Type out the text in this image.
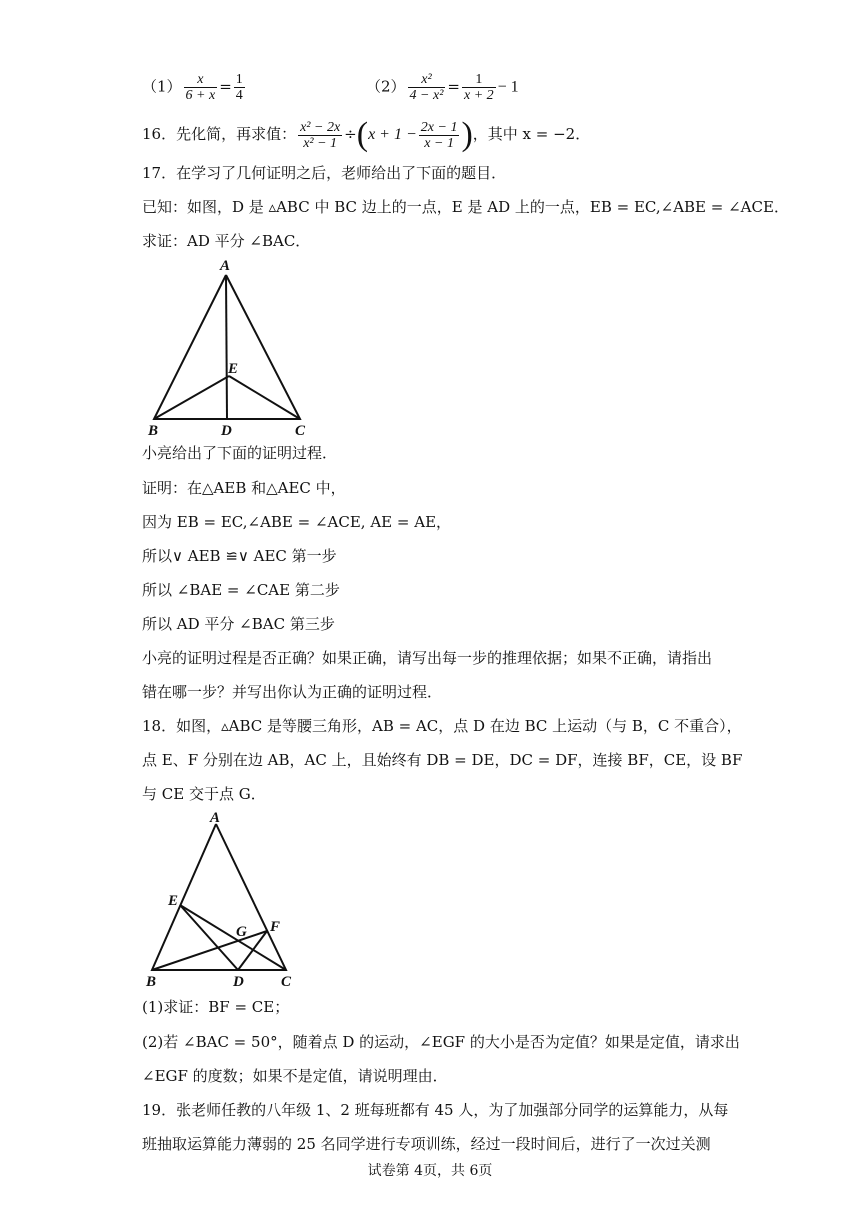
$(1) \frac{x}{6 + x} = \frac{1}{4}$	$(2) \frac{\text{x²}}{\text{4 − x²}} = \frac{1}{x + 2} - 1$
16．先化简，再求值： $\frac{\text{x² − 2x}}{\text{x² − 1}} \div(x + 1 - \frac{2x - 1}{x - 1}$ )，其中 x = −2．
17．在学习了几何证明之后，老师给出了下面的题目．
已知：如图，D 是 ▵ABC 中 BC 边上的一点，E 是 AD 上的一点，EB = EC,∠ABE = ∠ACE．
求证：AD 平分 ∠BAC．
A
B	C
D
E
小亮给出了下面的证明过程．
证明：在△AEB 和△AEC 中，
因为 EB = EC,∠ABE = ∠ACE, AE = AE，
所以∨ AEB ≌∨ AEC 第一步
所以 ∠BAE = ∠CAE 第二步
所以 AD 平分 ∠BAC 第三步
小亮的证明过程是否正确？如果正确，请写出每一步的推理依据；如果不正确，请指出
错在哪一步？并写出你认为正确的证明过程．
18．如图，▵ABC 是等腰三角形，AB = AC，点 D 在边 BC 上运动（与 B，C 不重合），
点 E、F 分别在边 AB，AC 上，且始终有 DB = DE，DC = DF，连接 BF，CE，设 BF
与 CE 交于点 G．
A
E
F
G
B	D C
(1)求证：BF = CE；
(2)若 ∠BAC = 50°，随着点 D 的运动，∠EGF 的大小是否为定值？如果是定值，请求出
∠EGF 的度数；如果不是定值，请说明理由．
19．张老师任教的八年级 1、2 班每班都有 45 人，为了加强部分同学的运算能力，从每
班抽取运算能力薄弱的 25 名同学进行专项训练，经过一段时间后，进行了一次过关测
试卷第 4页，共 6页
